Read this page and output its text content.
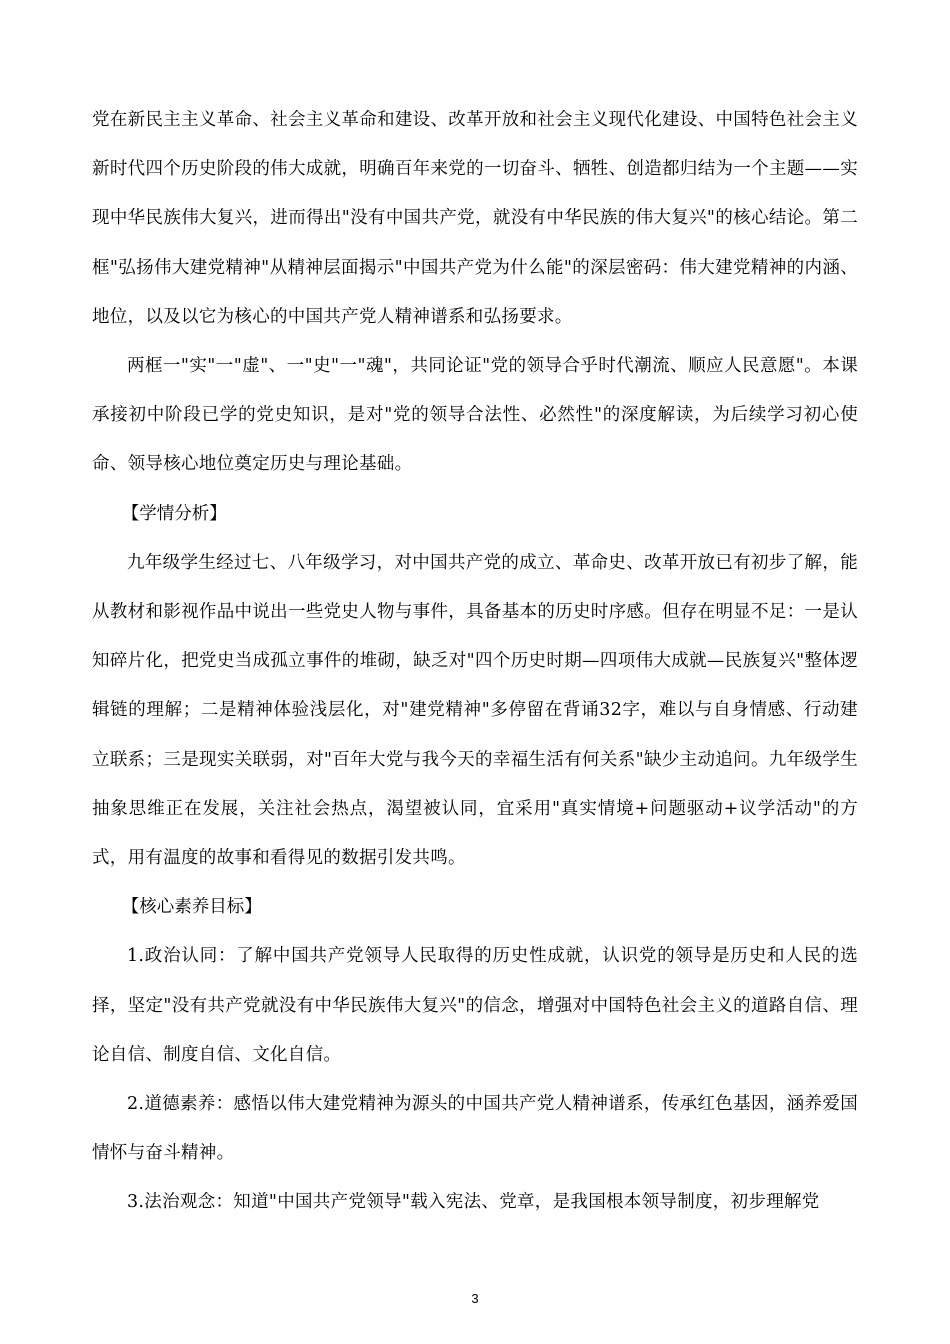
党在新民主主义革命、社会主义革命和建设、改革开放和社会主义现代化建设、中国特色社会主义新时代四个历史阶段的伟大成就，明确百年来党的一切奋斗、牺牲、创造都归结为一个主题——实现中华民族伟大复兴，进而得出"没有中国共产党，就没有中华民族的伟大复兴"的核心结论。第二框"弘扬伟大建党精神"从精神层面揭示"中国共产党为什么能"的深层密码：伟大建党精神的内涵、地位，以及以它为核心的中国共产党人精神谱系和弘扬要求。

两框一"实"一"虚"、一"史"一"魂"，共同论证"党的领导合乎时代潮流、顺应人民意愿"。本课承接初中阶段已学的党史知识，是对"党的领导合法性、必然性"的深度解读，为后续学习初心使命、领导核心地位奠定历史与理论基础。

【学情分析】

九年级学生经过七、八年级学习，对中国共产党的成立、革命史、改革开放已有初步了解，能从教材和影视作品中说出一些党史人物与事件，具备基本的历史时序感。但存在明显不足：一是认知碎片化，把党史当成孤立事件的堆砌，缺乏对"四个历史时期—四项伟大成就—民族复兴"整体逻辑链的理解；二是精神体验浅层化，对"建党精神"多停留在背诵32字，难以与自身情感、行动建立联系；三是现实关联弱，对"百年大党与我今天的幸福生活有何关系"缺少主动追问。九年级学生抽象思维正在发展，关注社会热点，渴望被认同，宜采用"真实情境+问题驱动+议学活动"的方式，用有温度的故事和看得见的数据引发共鸣。

【核心素养目标】

1.政治认同：了解中国共产党领导人民取得的历史性成就，认识党的领导是历史和人民的选择，坚定"没有共产党就没有中华民族伟大复兴"的信念，增强对中国特色社会主义的道路自信、理论自信、制度自信、文化自信。

2.道德素养：感悟以伟大建党精神为源头的中国共产党人精神谱系，传承红色基因，涵养爱国情怀与奋斗精神。

3.法治观念：知道"中国共产党领导"载入宪法、党章，是我国根本领导制度，初步理解党

3
